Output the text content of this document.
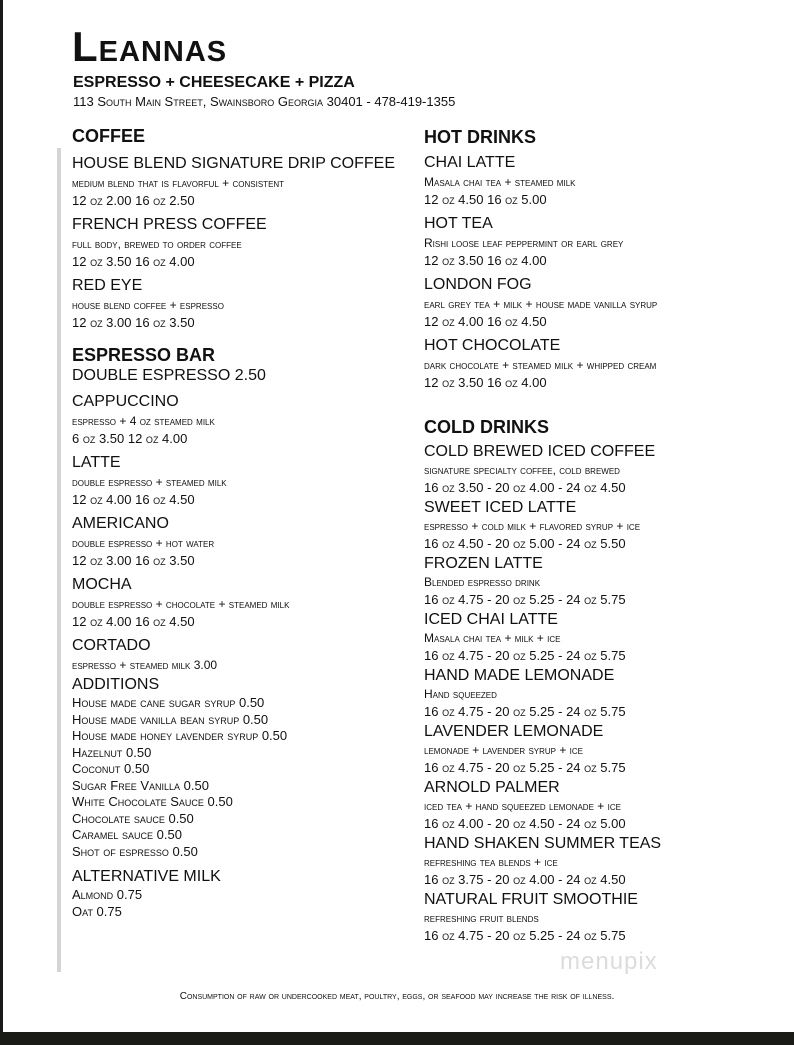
Leannas
ESPRESSO + CHEESECAKE + PIZZA
113 South Main Street, Swainsboro Georgia 30401 - 478-419-1355
COFFEE
HOUSE BLEND SIGNATURE DRIP COFFEE
medium blend that is flavorful + consistent
12 oz 2.00 16 oz 2.50
FRENCH PRESS COFFEE
full body, brewed to order coffee
12 oz 3.50 16 oz 4.00
RED EYE
house blend coffee + espresso
12 oz 3.00 16 oz 3.50
ESPRESSO BAR
DOUBLE ESPRESSO 2.50
CAPPUCCINO
espresso + 4 oz steamed milk
6 oz 3.50 12 oz 4.00
LATTE
double espresso + steamed milk
12 oz 4.00 16 oz 4.50
AMERICANO
double espresso + hot water
12 oz 3.00 16 oz 3.50
MOCHA
double espresso + chocolate + steamed milk
12 oz 4.00 16 oz 4.50
CORTADO
espresso + steamed milk 3.00
ADDITIONS
House made cane sugar syrup 0.50
House made vanilla bean syrup 0.50
House made honey lavender syrup 0.50
Hazelnut 0.50
Coconut 0.50
Sugar Free Vanilla 0.50
White Chocolate Sauce 0.50
Chocolate sauce 0.50
Caramel sauce 0.50
Shot of espresso 0.50
ALTERNATIVE MILK
Almond 0.75
Oat 0.75
HOT DRINKS
CHAI LATTE
Masala chai tea + steamed milk
12 oz 4.50 16 oz 5.00
HOT TEA
Rishi loose leaf peppermint or earl grey
12 oz 3.50 16 oz 4.00
LONDON FOG
earl grey tea + milk + house made vanilla syrup
12 oz 4.00 16 oz 4.50
HOT CHOCOLATE
dark chocolate + steamed milk + whipped cream
12 oz 3.50 16 oz 4.00
COLD DRINKS
COLD BREWED ICED COFFEE
signature specialty coffee, cold brewed
16 oz 3.50 - 20 oz 4.00 - 24 oz 4.50
SWEET ICED LATTE
espresso + cold milk + flavored syrup + ice
16 oz 4.50 - 20 oz 5.00 - 24 oz 5.50
FROZEN LATTE
Blended espresso drink
16 oz 4.75 - 20 oz 5.25 - 24 oz 5.75
ICED CHAI LATTE
Masala chai tea + milk + ice
16 oz 4.75 - 20 oz 5.25 - 24 oz 5.75
HAND MADE LEMONADE
Hand squeezed
16 oz 4.75 - 20 oz 5.25 - 24 oz 5.75
LAVENDER LEMONADE
lemonade + lavender syrup + ice
16 oz 4.75 - 20 oz 5.25 - 24 oz 5.75
ARNOLD PALMER
iced tea + hand squeezed lemonade + ice
16 oz 4.00 - 20 oz 4.50 - 24 oz 5.00
HAND SHAKEN SUMMER TEAS
refreshing tea blends + ice
16 oz 3.75 - 20 oz 4.00 - 24 oz 4.50
NATURAL FRUIT SMOOTHIE
refreshing fruit blends
16 oz 4.75 - 20 oz 5.25 - 24 oz 5.75
menupix
Consumption of raw or undercooked meat, poultry, eggs, or seafood may increase the risk of illness.
